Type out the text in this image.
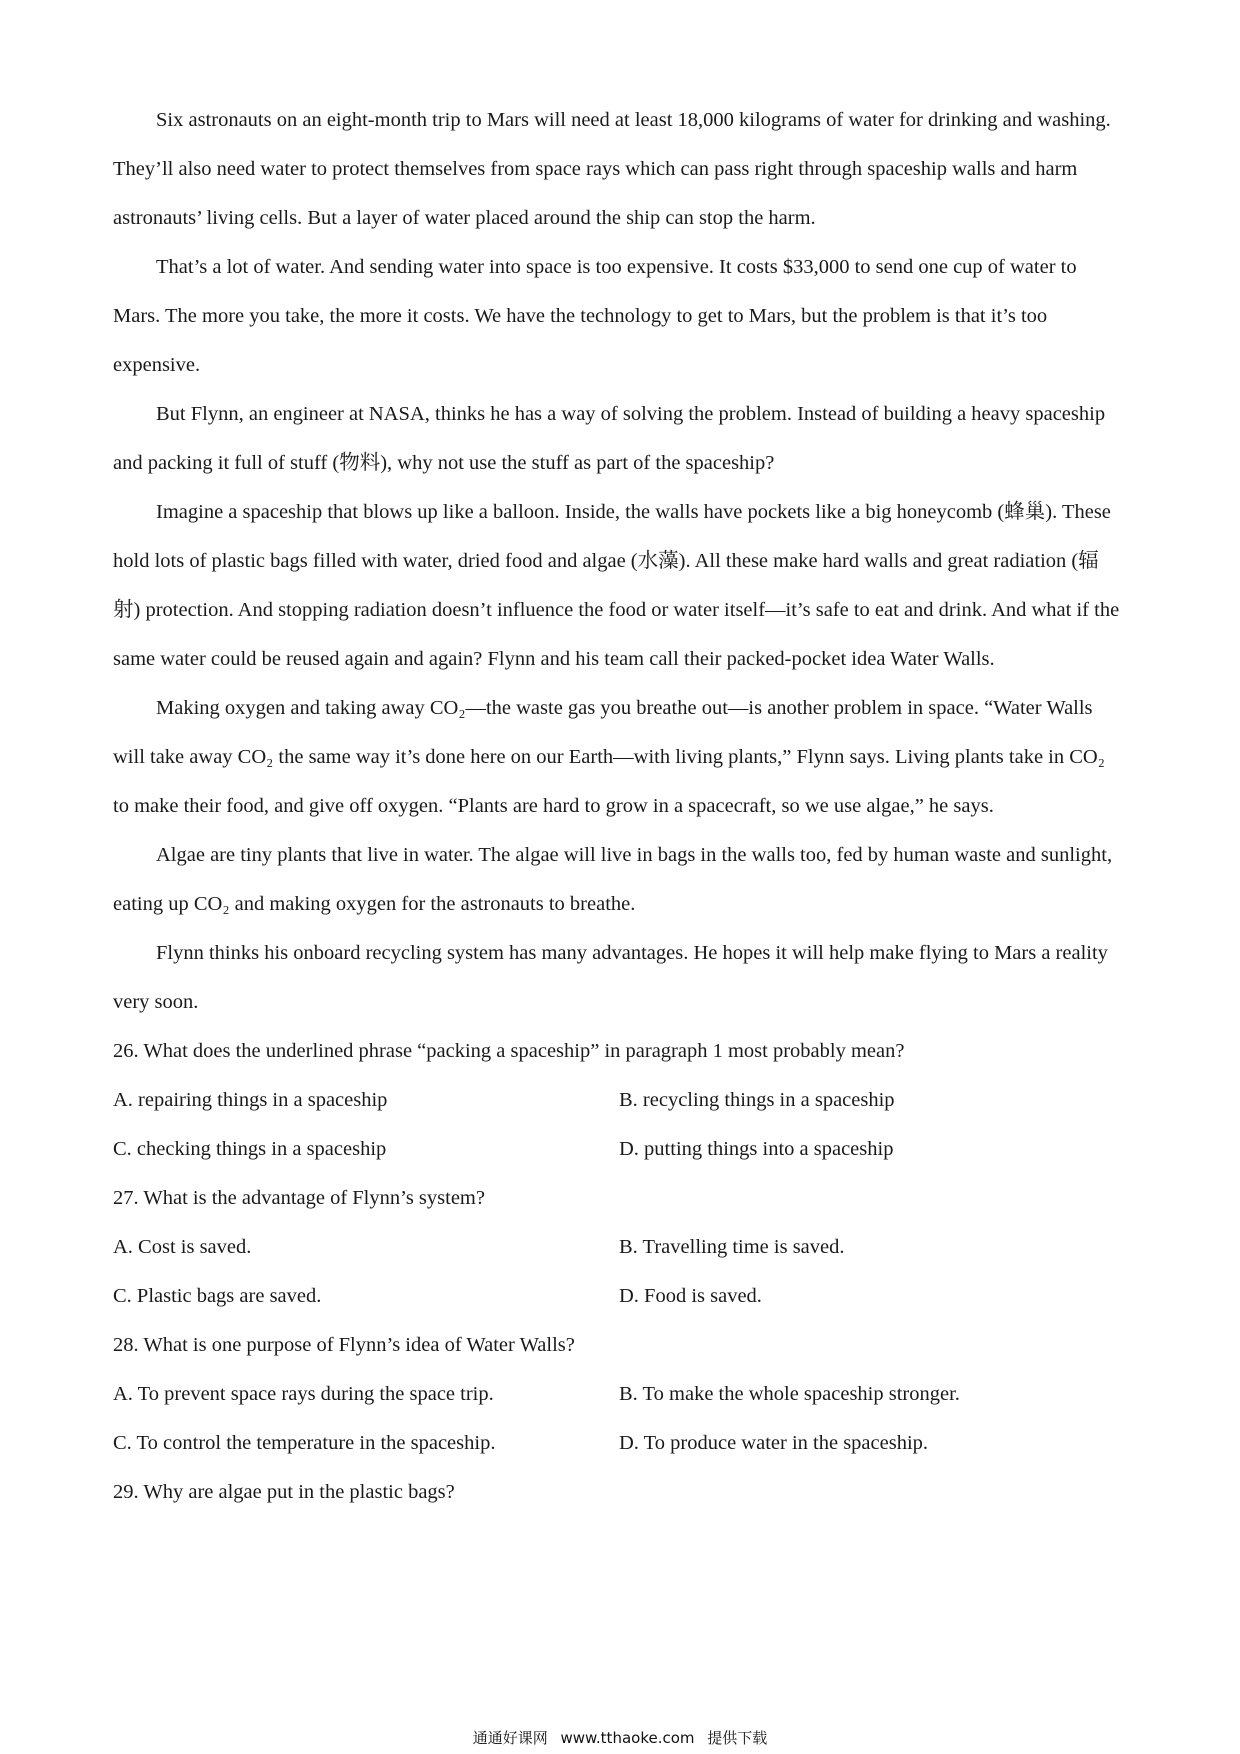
Six astronauts on an eight-month trip to Mars will need at least 18,000 kilograms of water for drinking and washing. They’ll also need water to protect themselves from space rays which can pass right through spaceship walls and harm astronauts’ living cells. But a layer of water placed around the ship can stop the harm.

That’s a lot of water. And sending water into space is too expensive. It costs $33,000 to send one cup of water to Mars. The more you take, the more it costs. We have the technology to get to Mars, but the problem is that it’s too expensive.

But Flynn, an engineer at NASA, thinks he has a way of solving the problem. Instead of building a heavy spaceship and packing it full of stuff (物料), why not use the stuff as part of the spaceship?

Imagine a spaceship that blows up like a balloon. Inside, the walls have pockets like a big honeycomb (蜂巢). These hold lots of plastic bags filled with water, dried food and algae (水藻). All these make hard walls and great radiation (辐射) protection. And stopping radiation doesn’t influence the food or water itself—it’s safe to eat and drink. And what if the same water could be reused again and again? Flynn and his team call their packed-pocket idea Water Walls.

Making oxygen and taking away CO₂—the waste gas you breathe out—is another problem in space. “Water Walls will take away CO₂ the same way it’s done here on our Earth—with living plants,” Flynn says. Living plants take in CO₂ to make their food, and give off oxygen. “Plants are hard to grow in a spacecraft, so we use algae,” he says.

Algae are tiny plants that live in water. The algae will live in bags in the walls too, fed by human waste and sunlight, eating up CO₂ and making oxygen for the astronauts to breathe.

Flynn thinks his onboard recycling system has many advantages. He hopes it will help make flying to Mars a reality very soon.

26. What does the underlined phrase “packing a spaceship” in paragraph 1 most probably mean?

A. repairing things in a spaceship	B. recycling things in a spaceship
C. checking things in a spaceship	D. putting things into a spaceship

27. What is the advantage of Flynn’s system?

A. Cost is saved.	B. Travelling time is saved.
C. Plastic bags are saved.	D. Food is saved.

28. What is one purpose of Flynn’s idea of Water Walls?

A. To prevent space rays during the space trip.	B. To make the whole spaceship stronger.
C. To control the temperature in the spaceship.	D. To produce water in the spaceship.

29. Why are algae put in the plastic bags?

通通好课网 www.tthaoke.com 提供下载
